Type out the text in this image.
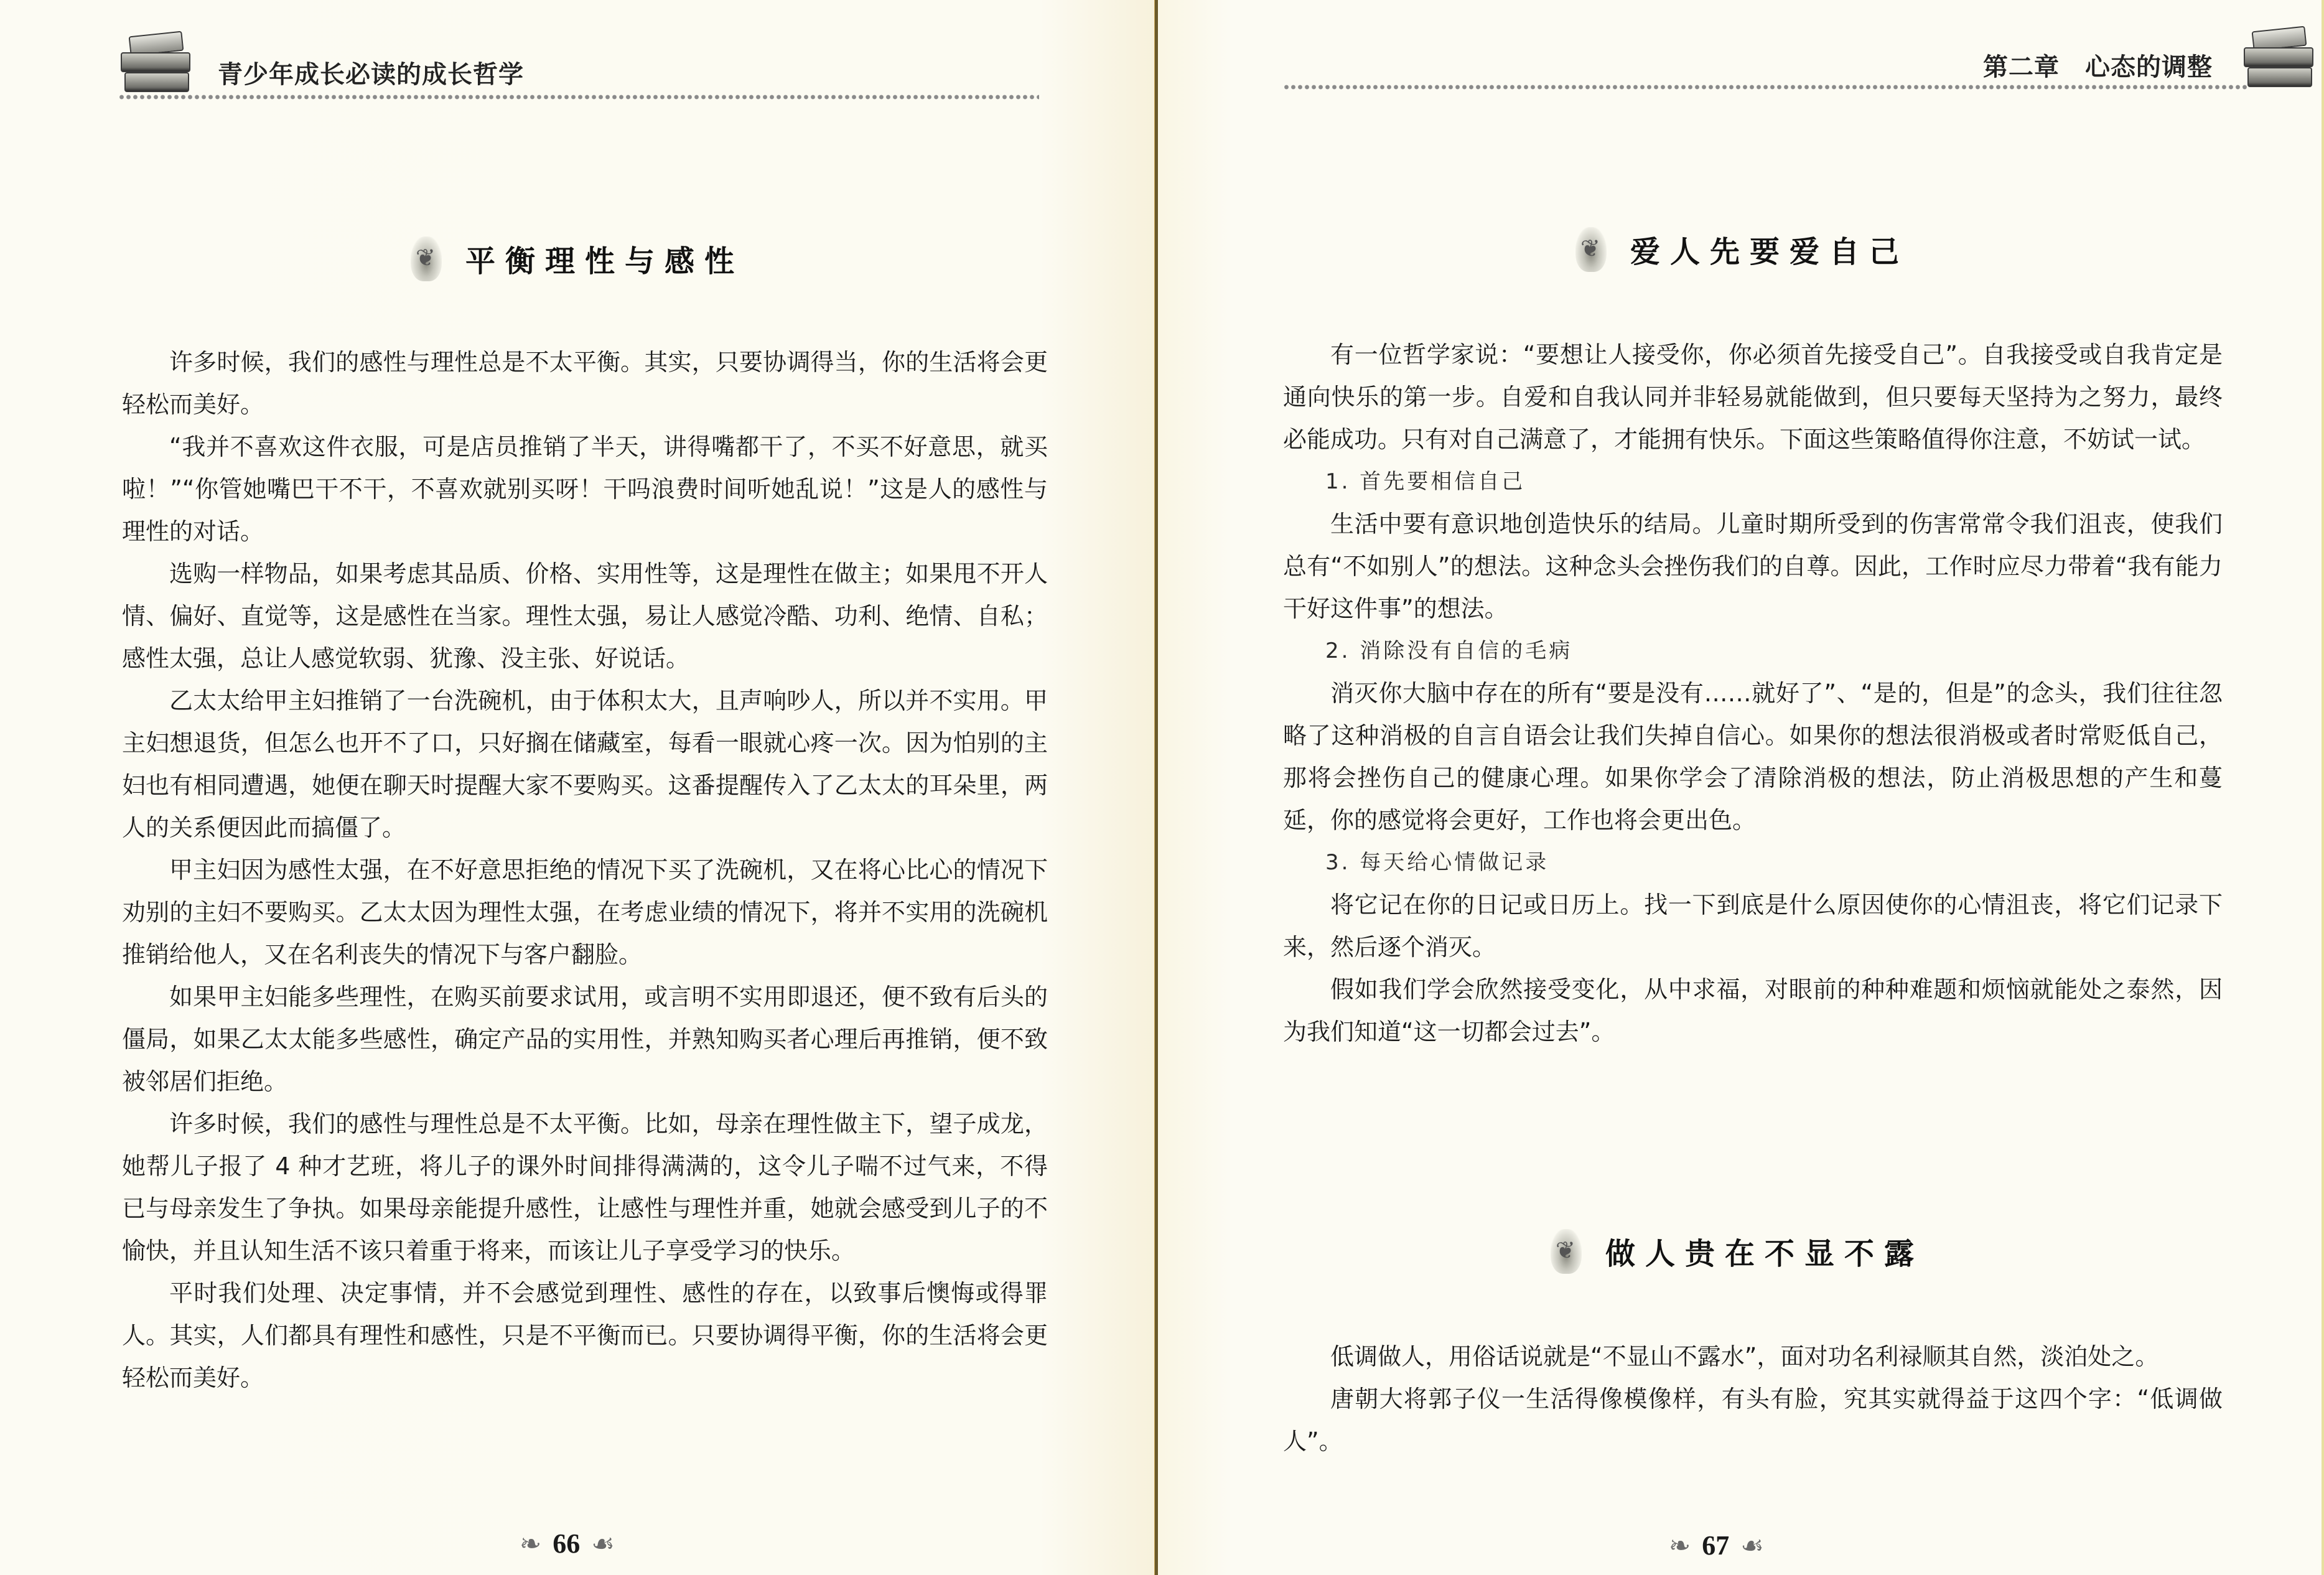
青少年成长必读的成长哲学
❦
平衡理性与感性

许多时候，我们的感性与理性总是不太平衡。其实，只要协调得当，你的生活将会更轻松而美好。

“我并不喜欢这件衣服，可是店员推销了半天，讲得嘴都干了，不买不好意思，就买啦！”“你管她嘴巴干不干，不喜欢就别买呀！干吗浪费时间听她乱说！”这是人的感性与理性的对话。

选购一样物品，如果考虑其品质、价格、实用性等，这是理性在做主；如果甩不开人情、偏好、直觉等，这是感性在当家。理性太强，易让人感觉冷酷、功利、绝情、自私；感性太强，总让人感觉软弱、犹豫、没主张、好说话。

乙太太给甲主妇推销了一台洗碗机，由于体积太大，且声响吵人，所以并不实用。甲主妇想退货，但怎么也开不了口，只好搁在储藏室，每看一眼就心疼一次。因为怕别的主妇也有相同遭遇，她便在聊天时提醒大家不要购买。这番提醒传入了乙太太的耳朵里，两人的关系便因此而搞僵了。

甲主妇因为感性太强，在不好意思拒绝的情况下买了洗碗机，又在将心比心的情况下劝别的主妇不要购买。乙太太因为理性太强，在考虑业绩的情况下，将并不实用的洗碗机推销给他人，又在名利丧失的情况下与客户翻脸。

如果甲主妇能多些理性，在购买前要求试用，或言明不实用即退还，便不致有后头的僵局，如果乙太太能多些感性，确定产品的实用性，并熟知购买者心理后再推销，便不致被邻居们拒绝。

许多时候，我们的感性与理性总是不太平衡。比如，母亲在理性做主下，望子成龙，她帮儿子报了 4 种才艺班，将儿子的课外时间排得满满的，这令儿子喘不过气来，不得已与母亲发生了争执。如果母亲能提升感性，让感性与理性并重，她就会感受到儿子的不愉快，并且认知生活不该只着重于将来，而该让儿子享受学习的快乐。

平时我们处理、决定事情，并不会感觉到理性、感性的存在，以致事后懊悔或得罪人。其实，人们都具有理性和感性，只是不平衡而已。只要协调得平衡，你的生活将会更轻松而美好。

❧ 66 ☙
第二章　心态的调整
❦
爱人先要爱自己

有一位哲学家说：“要想让人接受你，你必须首先接受自己”。自我接受或自我肯定是通向快乐的第一步。自爱和自我认同并非轻易就能做到，但只要每天坚持为之努力，最终必能成功。只有对自己满意了，才能拥有快乐。下面这些策略值得你注意，不妨试一试。

1. 首先要相信自己

生活中要有意识地创造快乐的结局。儿童时期所受到的伤害常常令我们沮丧，使我们总有“不如别人”的想法。这种念头会挫伤我们的自尊。因此，工作时应尽力带着“我有能力干好这件事”的想法。

2. 消除没有自信的毛病

消灭你大脑中存在的所有“要是没有……就好了”、“是的，但是”的念头，我们往往忽略了这种消极的自言自语会让我们失掉自信心。如果你的想法很消极或者时常贬低自己，那将会挫伤自己的健康心理。如果你学会了清除消极的想法，防止消极思想的产生和蔓延，你的感觉将会更好，工作也将会更出色。

3. 每天给心情做记录

将它记在你的日记或日历上。找一下到底是什么原因使你的心情沮丧，将它们记录下来，然后逐个消灭。

假如我们学会欣然接受变化，从中求福，对眼前的种种难题和烦恼就能处之泰然，因为我们知道“这一切都会过去”。

❦
做人贵在不显不露

低调做人，用俗话说就是“不显山不露水”，面对功名利禄顺其自然，淡泊处之。

唐朝大将郭子仪一生活得像模像样，有头有脸，究其实就得益于这四个字：“低调做人”。

❧ 67 ☙
